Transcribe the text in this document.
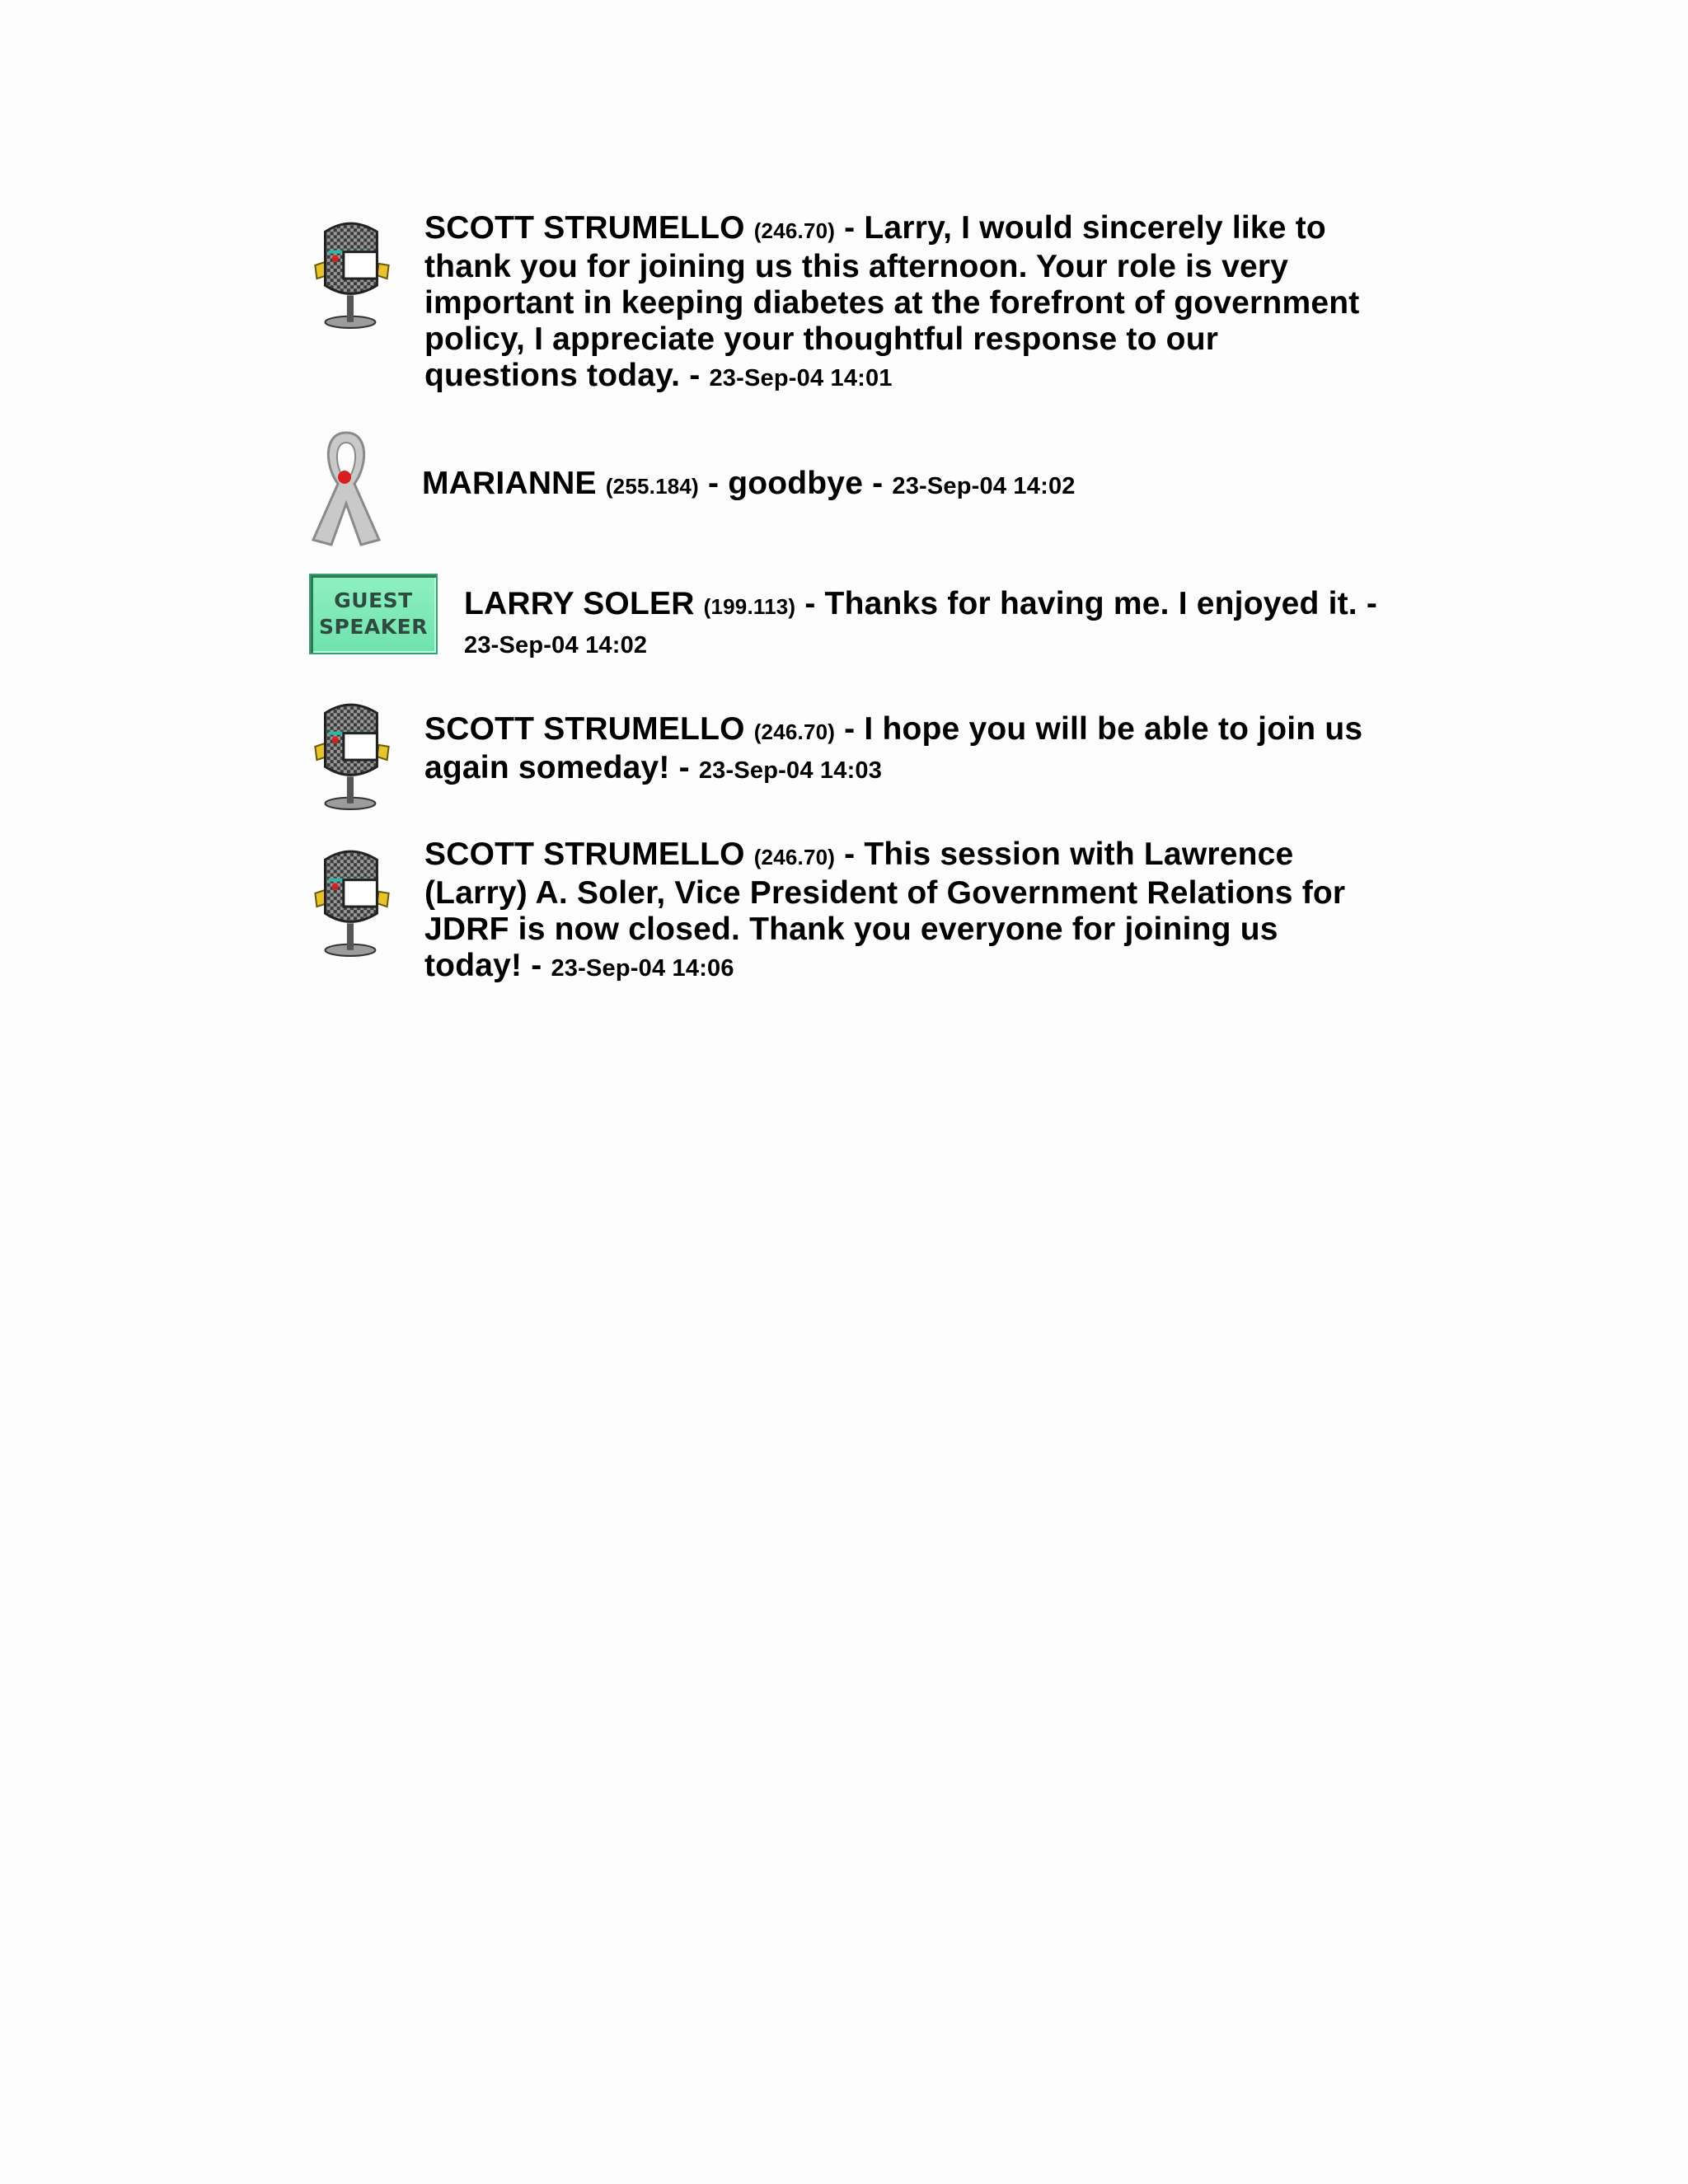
SCOTT STRUMELLO (246.70) - Larry, I would sincerely like to thank you for joining us this afternoon. Your role is very important in keeping diabetes at the forefront of government policy, I appreciate your thoughtful response to our questions today. - 23-Sep-04 14:01
MARIANNE (255.184) - goodbye - 23-Sep-04 14:02
GUEST
SPEAKER
LARRY SOLER (199.113) - Thanks for having me. I enjoyed it. - 23-Sep-04 14:02
SCOTT STRUMELLO (246.70) - I hope you will be able to join us again someday! - 23-Sep-04 14:03
SCOTT STRUMELLO (246.70) - This session with Lawrence (Larry) A. Soler, Vice President of Government Relations for JDRF is now closed. Thank you everyone for joining us today! - 23-Sep-04 14:06
